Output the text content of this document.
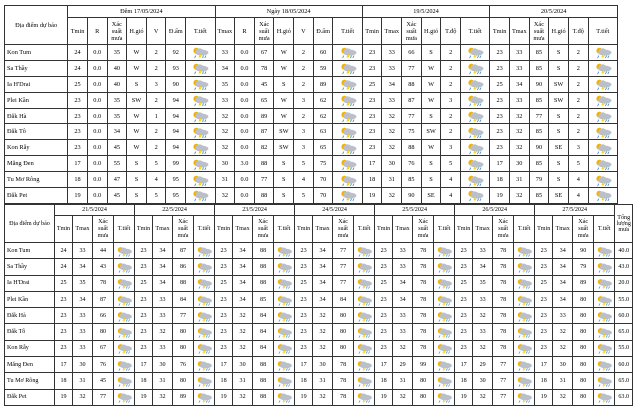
Địa điểm dự báo	Đêm 17/05/2024							Ngày 18/05/2024							19/5/2024						20/5/2024					
	Tmin	R	Xác suất mưa	H.gió	V	Đ.ẩm	T.tiết	Tmax	R	Xác suất mưa	H.gió	V	Đ.ẩm	T.tiết	Tmin	Tmax	Xác suất mưa	H.gió	T.độ	T.tiết	Tmin	Tmax	Xác suất mưa	H.gió	T.độ	T.tiết
Kon Tum	24	0.0	35	W	2	92		33	0.0	67	W	2	60		23	33	66	S	2		23	33	85	S	2	

Sa Thầy	24	0.0	40	W	2	93		34	0.0	78	W	2	59		23	33	77	W	2		23	33	85	S	2	

Ia H'Drai	25	0.0	40	S	3	90		35	0.0	45	S	2	89		25	34	88	W	2		25	34	90	SW	2	

Plei Kần	23	0.0	35	SW	2	94		33	0.0	65	W	3	62		23	33	87	W	3		23	33	85	SW	2	

Đăk Hà	23	0.0	35	W	1	94		32	0.0	89	W	2	62		23	32	77	S	2		23	32	77	S	2	

Đăk Tô	23	0.0	34	W	2	94		32	0.0	87	SW	3	63		23	32	75	SW	2		23	32	85	S	2	

Kon Rẫy	23	0.0	45	W	2	94		32	0.0	82	SW	3	65		23	32	88	W	3		23	32	90	SE	3	

Măng Đen	17	0.0	55	S	5	99		30	3.0	88	S	5	75		17	30	76	S	5		17	30	85	S	5	

Tu Mơ Rông	18	0.0	47	S	4	95		31	0.0	77	S	4	70		18	31	85	S	4		18	31	79	S	4	

Đăk Pet	19	0.0	45	S	5	95		32	0.0	88	S	5	70		19	32	90	SE	4		19	32	85	SE	4	
Địa điểm dự báo	21/5/2024				22/5/2024				23/5/2024				24/5/2024				25/5/2024				26/5/2024				27/5/2024				Tổng lượng mưa
	Tmin	Tmax	Xác suất mưa	T.tiết	Tmin	Tmax	Xác suất mưa	T.tiết	Tmin	Tmax	Xác suất mưa	T.tiết	Tmin	Tmax	Xác suất mưa	T.tiết	Tmin	Tmax	Xác suất mưa	T.tiết	Tmin	Tmax	Xác suất mưa	T.tiết	Tmin	Tmax	Xác suất mưa	T.tiết	
Kon Tum	24	33	44		23	34	87		23	34	88		23	34	77		23	33	78		23	33	78		23	34	90		40.0
Sa Thầy	24	34	43		23	34	86		23	34	88		23	34	77		23	33	78		23	34	78		23	34	79		43.0
Ia H'Drai	25	35	78		25	34	88		25	34	88		25	34	77		25	34	78		25	35	78		25	34	89		20.0
Plei Kần	23	34	87		23	33	84		23	34	85		23	34	84		23	34	78		23	33	78		23	34	80		55.0
Đăk Hà	23	33	66		23	33	77		23	32	84		23	32	80		23	33	78		23	32	78		23	33	80		60.0
Đăk Tô	23	33	80		23	32	80		23	32	84		23	32	80		23	33	78		23	33	78		23	32	80		65.0
Kon Rẫy	23	33	67		23	33	80		23	32	84		23	32	80		23	32	78		23	32	78		23	32	80		55.0
Măng Đen	17	30	76		17	30	76		17	30	88		17	30	78		17	29	99		17	29	77		17	30	80		60.0
Tu Mơ Rông	18	31	45		18	31	80		18	31	88		18	31	78		18	31	80		18	30	77		18	31	80		65.0
Đăk Pet	19	32	77		19	32	89		19	32	88		19	32	78		19	32	80		19	32	77		19	32	80		63.0
